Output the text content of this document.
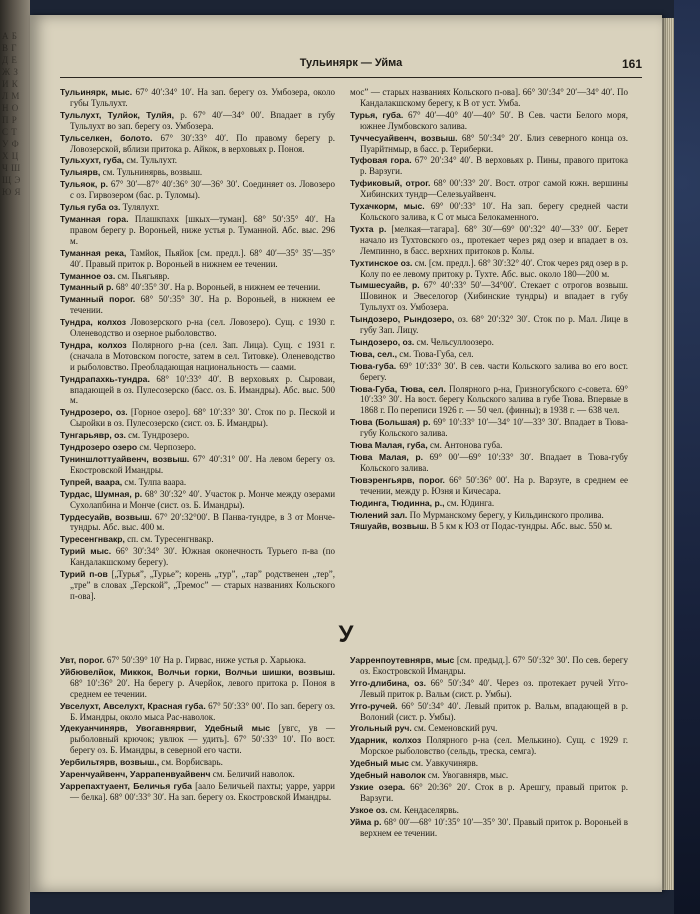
А Б В Г Д Е Ж З И К Л М Н О П Р С Т У Ф Х Ц Ч Ш Щ Э Ю Я
Тульинярк — Уйма	161

Тульинярк, мыс. 67° 40′:34° 10′. На зап. берегу оз. Умбозера, около губы Тульлухт.

Тульлухт, Тулйок, Тулйя, р. 67° 40′—34° 00′. Впадает в губу Тульлухт во зап. берегу оз. Умбозера.

Тульселкен, болото. 67° 30′:33° 40′. По правому берегу р. Ловозерской, вблизи притока р. Айкок, в верховьях р. Поноя.

Тульхухт, губа, см. Тульлухт.

Тулыярв, см. Тульнинярвь, возвыш.

Тульяок, р. 67° 30′—87° 40′:36° 30′—36° 30′. Соединяет оз. Ловозеро с оз. Гирвозером (бас. р. Туломы).

Тулья губа оз. Тулялухт.

Туманная гора. Плашкпахк [шкых—туман]. 68° 50′:35° 40′. На правом берегу р. Вороньей, ниже устья р. Туманной. Абс. выс. 296 м.

Туманная река, Тамйок, Пьяйок [см. предл.]. 68° 40′—35° 35′—35° 40′. Правый приток р. Вороньей в нижнем ее течении.

Туманное оз. см. Пьягьявр.

Туманный р. 68° 40′:35° 30′. На р. Вороньей, в нижнем ее течении.

Туманный порог. 68° 50′:35° 30′. На р. Вороньей, в нижнем ее течении.

Тундра, колхоз Ловозерского р-на (сел. Ловозеро). Сущ. с 1930 г. Оленеводство и озерное рыболовство.

Тундра, колхоз Полярного р-на (сел. Зап. Лица). Сущ. с 1931 г. (сначала в Мотовском погосте, затем в сел. Титовке). Оленеводство и рыболовство. Преобладающая национальность — саами.

Тундрапахкь-тундра. 68° 10′:33° 40′. В верховьях р. Сыроваи, впадающей в оз. Пулесозерско (басс. оз. Б. Имандры). Абс. выс. 500 м.

Тундрозеро, оз. [Горное озеро]. 68° 10′:33° 30′. Сток по р. Пеской и Сыройки в оз. Пулесозерско (сист. оз. Б. Имандры).

Тунгарьявр, оз. см. Тундрозеро.

Тундрозеро озеро см. Черпозеро.

Туниншлоттуайвенч, возвыш. 67° 40′:31° 00′. На левом берегу оз. Екостровской Имандры.

Тупрей, ваара, см. Тулпа ваара.

Турдас, Шумная, р. 68° 30′:32° 40′. Участок р. Монче между озерами Сухолапбина и Монче (сист. оз. Б. Имандры).

Турдесуайв, возвыш. 67° 20′:32°00′. В Панва-тундре, в 3 от Монче-тундры. Абс. выс. 400 м.

Туресенгнвакр, сп. см. Туресенгнвакр.

Турий мыс. 66° 30′:34° 30′. Южная оконечность Турьего п-ва (по Кандалакшскому берегу).

Турий п-ов [„Турья”, „Турье”; корень „тур”, „тар” родственен „тер”, „тре” в словах „Терской”, „Тремос” — старых названиях Кольского п-ова].

мос” — старых названиях Кольского п-ова]. 66° 30′:34° 20′—34° 40′. По Кандалакшскому берегу, к В от уст. Умба.

Турья, губа. 67° 40′—40° 40′—40° 50′. В Сев. части Белого моря, южнее Лумбовского залива.

Туччесуайвенч, возвыш. 68° 50′:34° 20′. Близ северного конца оз. Пуарйтнмыр, в басс. р. Териберки.

Туфовая гора. 67° 20′:34° 40′. В верховьях р. Пины, правого притока р. Варзуги.

Туфиковый, отрог. 68° 00′:33° 20′. Вост. отрог самой южн. вершины Хибинских тундр—Селезьуайвенч.

Тухачкорм, мыс. 69° 00′:33° 10′. На зап. берегу средней части Кольского залива, к С от мыса Белокаменного.

Тухта р. [мелкая—тагара]. 68° 30′—69° 00′:32° 40′—33° 00′. Берет начало из Тухтовского оз., протекает через ряд озер и впадает в оз. Лемпинно, в басс. верхних притоков р. Колы.

Тухтинское оз. см. [см. предл.]. 68° 30′:32° 40′. Сток через ряд озер в р. Колу по ее левому притоку р. Тухте. Абс. выс. около 180—200 м.

Тымшесуайв, р. 67° 40′:33° 50′—34°00′. Стекает с отрогов возвыш. Шовинок и Эвеселогор (Хибинские тундры) и впадает в губу Тульлухт оз. Умбозера.

Тындозеро, Рындозеро, оз. 68° 20′:32° 30′. Сток по р. Мал. Лице в губу Зап. Лицу.

Тындозеро, оз. см. Чельсуллоозеро.

Тюва, сел., см. Тюва-Губа, сел.

Тюва-губа. 69° 10′:33° 30′. В сев. части Кольского залива во его вост. берегу.

Тюва-Губа, Тюва, сел. Полярного р-на, Гризногубского с-совета. 69° 10′:33° 30′. На вост. берегу Кольского залива в губе Тюва. Впервые в 1868 г. По переписи 1926 г. — 50 чел. (финны); в 1938 г. — 638 чел.

Тюва (Большая) р. 69° 10′:33° 10′—34° 10′—33° 30′. Впадает в Тюва-губу Кольского залива.

Тюва Малая, губа, см. Антонова губа.

Тюва Малая, р. 69° 00′—69° 10′:33° 30′. Впадает в Тюва-губу Кольского залива.

Тювэренгьярв, порог. 66° 50′:36° 00′. На р. Варзуге, в среднем ее течении, между р. Юзня и Кичесара.

Тюдинга, Тюдинна, р., см. Юдинга.

Тюлений зал. По Мурманскому берегу, у Кильдинского пролива.

Тяшуайв, возвыш. В 5 км к ЮЗ от Подас-тундры. Абс. выс. 550 м.

У

Увт, порог. 67° 50′:39° 10′ На р. Гирвас, ниже устья р. Харьюка.

Уйбювелйок, Миккок, Волчьи горки, Волчьи шишки, возвыш. 68° 10′:36° 20′. На берегу р. Ачерйок, левого притока р. Поноя в среднем ее течении.

Увселухт, Авселухт, Красная губа. 67° 50′:33° 00′. По зап. берегу оз. Б. Имандры, около мыса Рас-наволок.

Удекуанчинярв, Увогавнярвиг, Удебный мыс [увгс, ув — рыболовный крючок; увлюк — удить]. 67° 50′:33° 10′. По вост. берегу оз. Б. Имандры, в северной его части.

Уербильтярв, возвыш., см. Ворбисварь.

Уаренчуайвенч, Уаррапенвуайвенч см. Беличий наволок.

Уаррепахтуаент, Беличья губа [аало Беличьей пахты; уарре, уарри — белка]. 68° 00′:33° 30′. На зап. берегу оз. Екостровской Имандры.

Уарренпоутевнярв, мыс [см. предыд.]. 67° 50′:32° 30′. По сев. берегу оз. Екостровской Имандры.

Угго-длибина, оз. 66° 50′:34° 40′. Через оз. протекает ручей Угго-Левый приток р. Вальм (сист. р. Умбы).

Угго-ручей. 66° 50′:34° 40′. Левый приток р. Вальм, впадающей в р. Волоний (сист. р. Умбы).

Угольный руч. см. Семеновский руч.

Ударник, колхоз Полярного р-на (сел. Мелькино). Сущ. с 1929 г. Морское рыболовство (сельдь, треска, семга).

Удебный мыс см. Уавкучинярв.

Удебный наволок см. Увогавнярв, мыс.

Узкие озера. 66° 20:36° 20′. Сток в р. Арешгу, правый приток р. Варзуги.

Узкое оз. см. Кендаселярвь.

Уйма р. 68° 00′—68° 10′:35° 10′—35° 30′. Правый приток р. Вороньей в верхнем ее течении.
